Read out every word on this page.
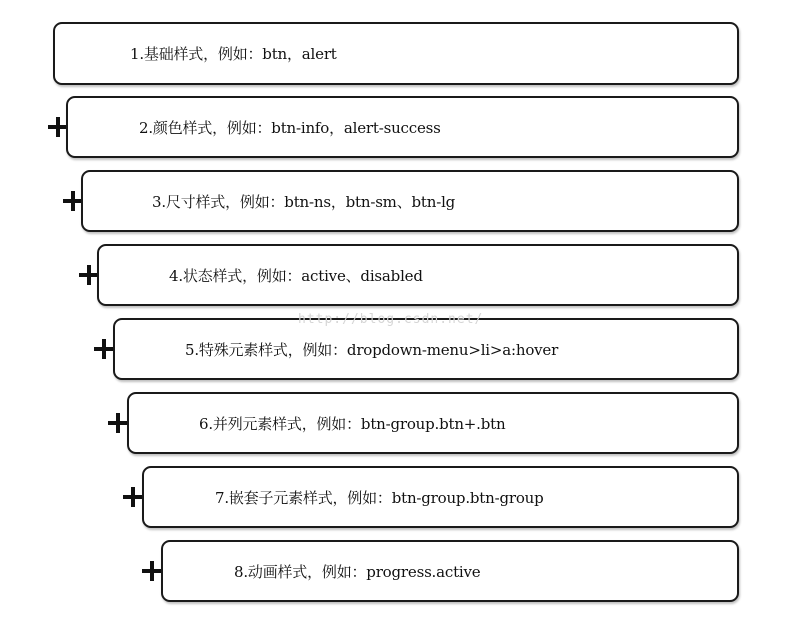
1.基础样式，例如：btn，alert
2.颜色样式，例如：btn-info，alert-success
3.尺寸样式，例如：btn-ns，btn-sm、btn-lg
4.状态样式，例如：active、disabled
5.特殊元素样式，例如：dropdown-menu>li>a:hover
6.并列元素样式，例如：btn-group.btn+.btn
7.嵌套子元素样式，例如：btn-group.btn-group
8.动画样式，例如：progress.active
http://blog.csdn.net/
